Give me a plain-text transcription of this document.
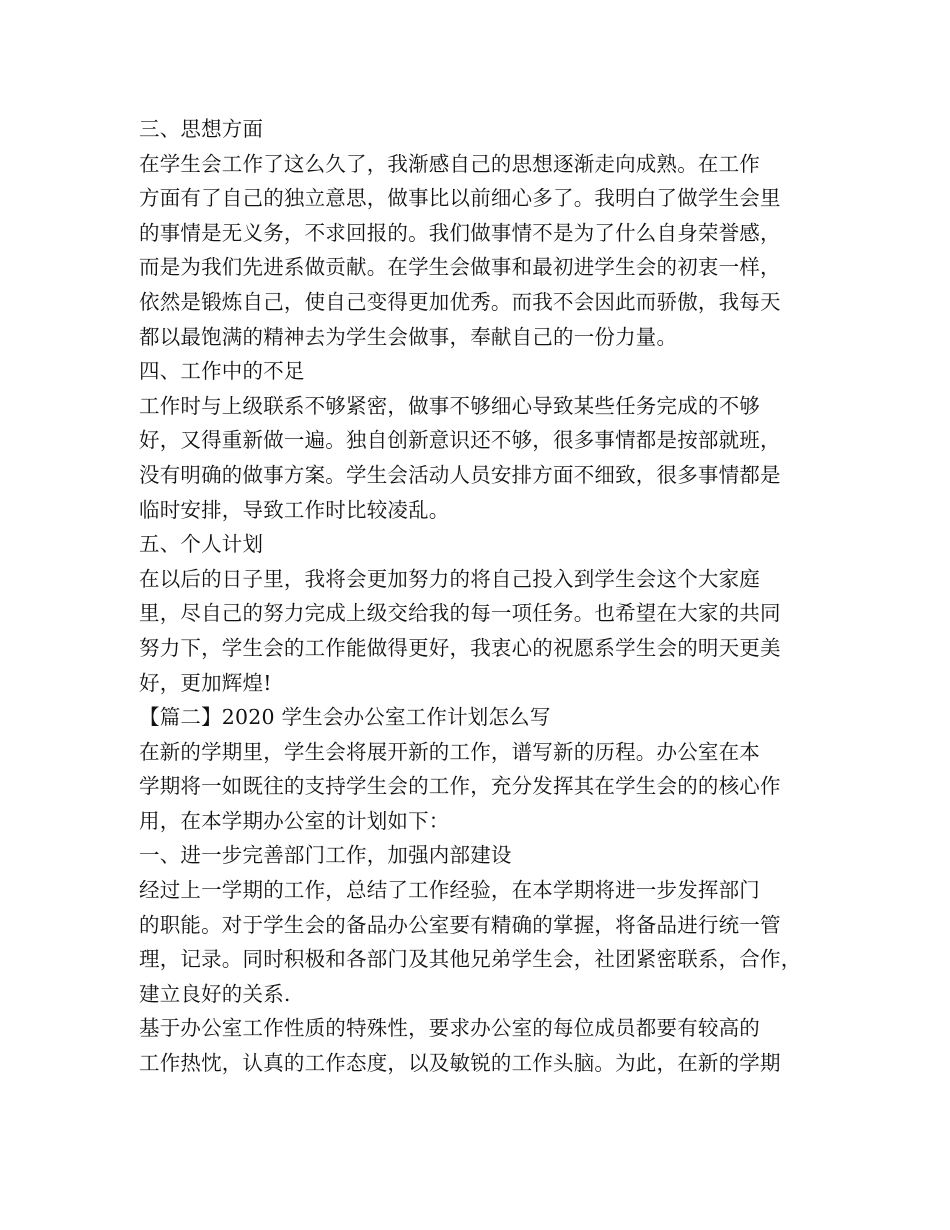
三、思想方面
在学生会工作了这么久了，我渐感自己的思想逐渐走向成熟。在工作
方面有了自己的独立意思，做事比以前细心多了。我明白了做学生会里
的事情是无义务，不求回报的。我们做事情不是为了什么自身荣誉感，
而是为我们先进系做贡献。在学生会做事和最初进学生会的初衷一样，
依然是锻炼自己，使自己变得更加优秀。而我不会因此而骄傲，我每天
都以最饱满的精神去为学生会做事，奉献自己的一份力量。
四、工作中的不足
工作时与上级联系不够紧密，做事不够细心导致某些任务完成的不够
好，又得重新做一遍。独自创新意识还不够，很多事情都是按部就班，
没有明确的做事方案。学生会活动人员安排方面不细致，很多事情都是
临时安排，导致工作时比较凌乱。
五、个人计划
在以后的日子里，我将会更加努力的将自己投入到学生会这个大家庭
里，尽自己的努力完成上级交给我的每一项任务。也希望在大家的共同
努力下，学生会的工作能做得更好，我衷心的祝愿系学生会的明天更美
好，更加辉煌!
【篇二】2020 学生会办公室工作计划怎么写
在新的学期里，学生会将展开新的工作，谱写新的历程。办公室在本
学期将一如既往的支持学生会的工作，充分发挥其在学生会的的核心作
用，在本学期办公室的计划如下：
一、进一步完善部门工作，加强内部建设
经过上一学期的工作，总结了工作经验，在本学期将进一步发挥部门
的职能。对于学生会的备品办公室要有精确的掌握，将备品进行统一管
理，记录。同时积极和各部门及其他兄弟学生会，社团紧密联系，合作，
建立良好的关系.
基于办公室工作性质的特殊性，要求办公室的每位成员都要有较高的
工作热忱，认真的工作态度，以及敏锐的工作头脑。为此，在新的学期
